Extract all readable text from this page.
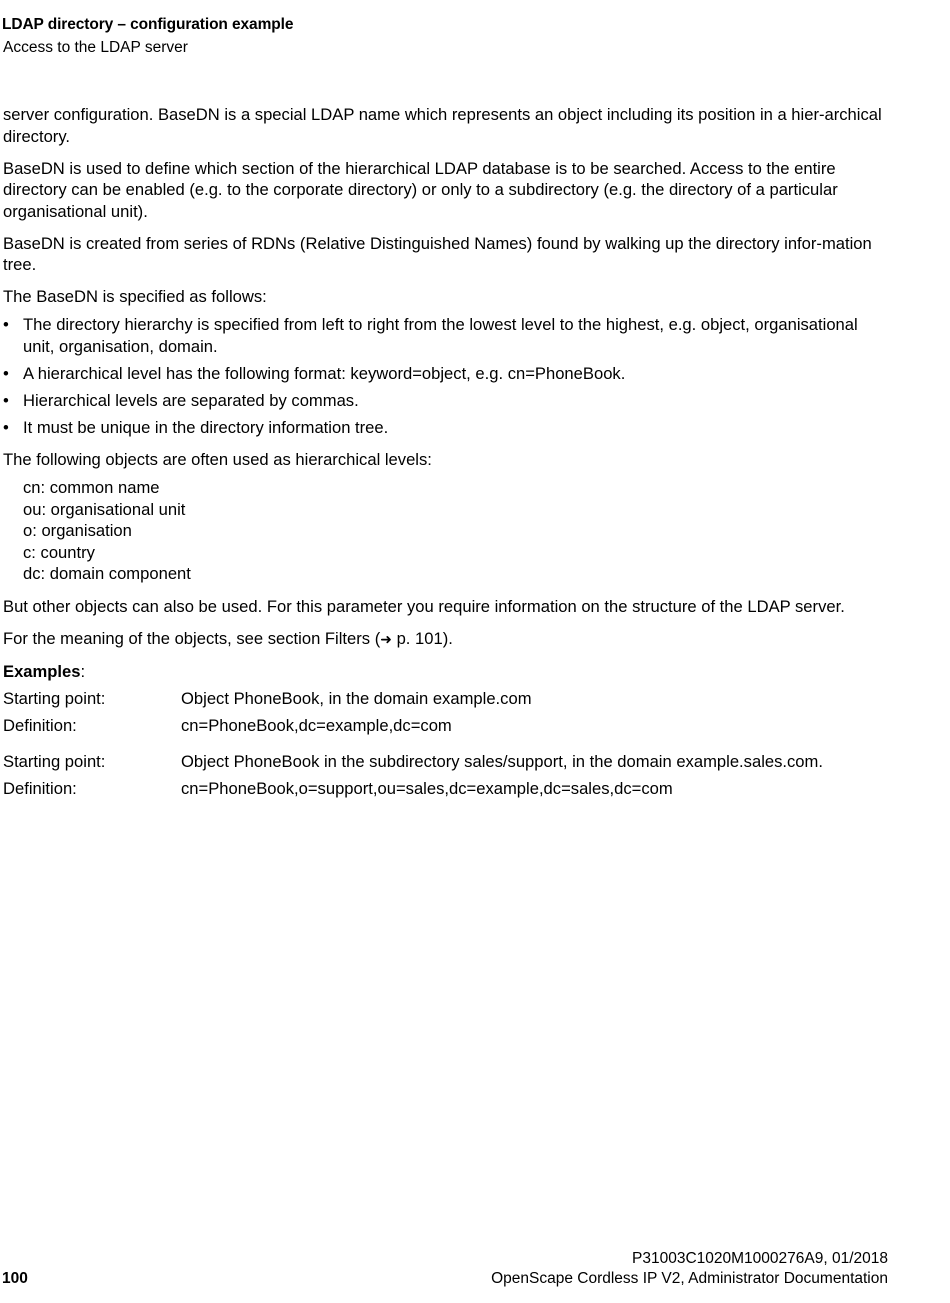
LDAP directory – configuration example
Access to the LDAP server

server configuration. BaseDN is a special LDAP name which represents an object including its position in a hier-archical directory.

BaseDN is used to define which section of the hierarchical LDAP database is to be searched. Access to the entire directory can be enabled (e.g. to the corporate directory) or only to a subdirectory (e.g. the directory of a particular organisational unit).

BaseDN is created from series of RDNs (Relative Distinguished Names) found by walking up the directory infor-mation tree.

The BaseDN is specified as follows:

• The directory hierarchy is specified from left to right from the lowest level to the highest, e.g. object, organisational unit, organisation, domain.
• A hierarchical level has the following format: keyword=object, e.g. cn=PhoneBook.
• Hierarchical levels are separated by commas.
• It must be unique in the directory information tree.

The following objects are often used as hierarchical levels:

cn: common name
ou: organisational unit
o: organisation
c: country
dc: domain component

But other objects can also be used. For this parameter you require information on the structure of the LDAP server.

For the meaning of the objects, see section Filters (➜ p. 101).

Examples:
Starting point:	Object PhoneBook, in the domain example.com
Definition:	cn=PhoneBook,dc=example,dc=com
Starting point:	Object PhoneBook in the subdirectory sales/support, in the domain example.sales.com.
Definition:	cn=PhoneBook,o=support,ou=sales,dc=example,dc=sales,dc=com
P31003C1020M1000276A9, 01/2018
100	OpenScape Cordless IP V2, Administrator Documentation
